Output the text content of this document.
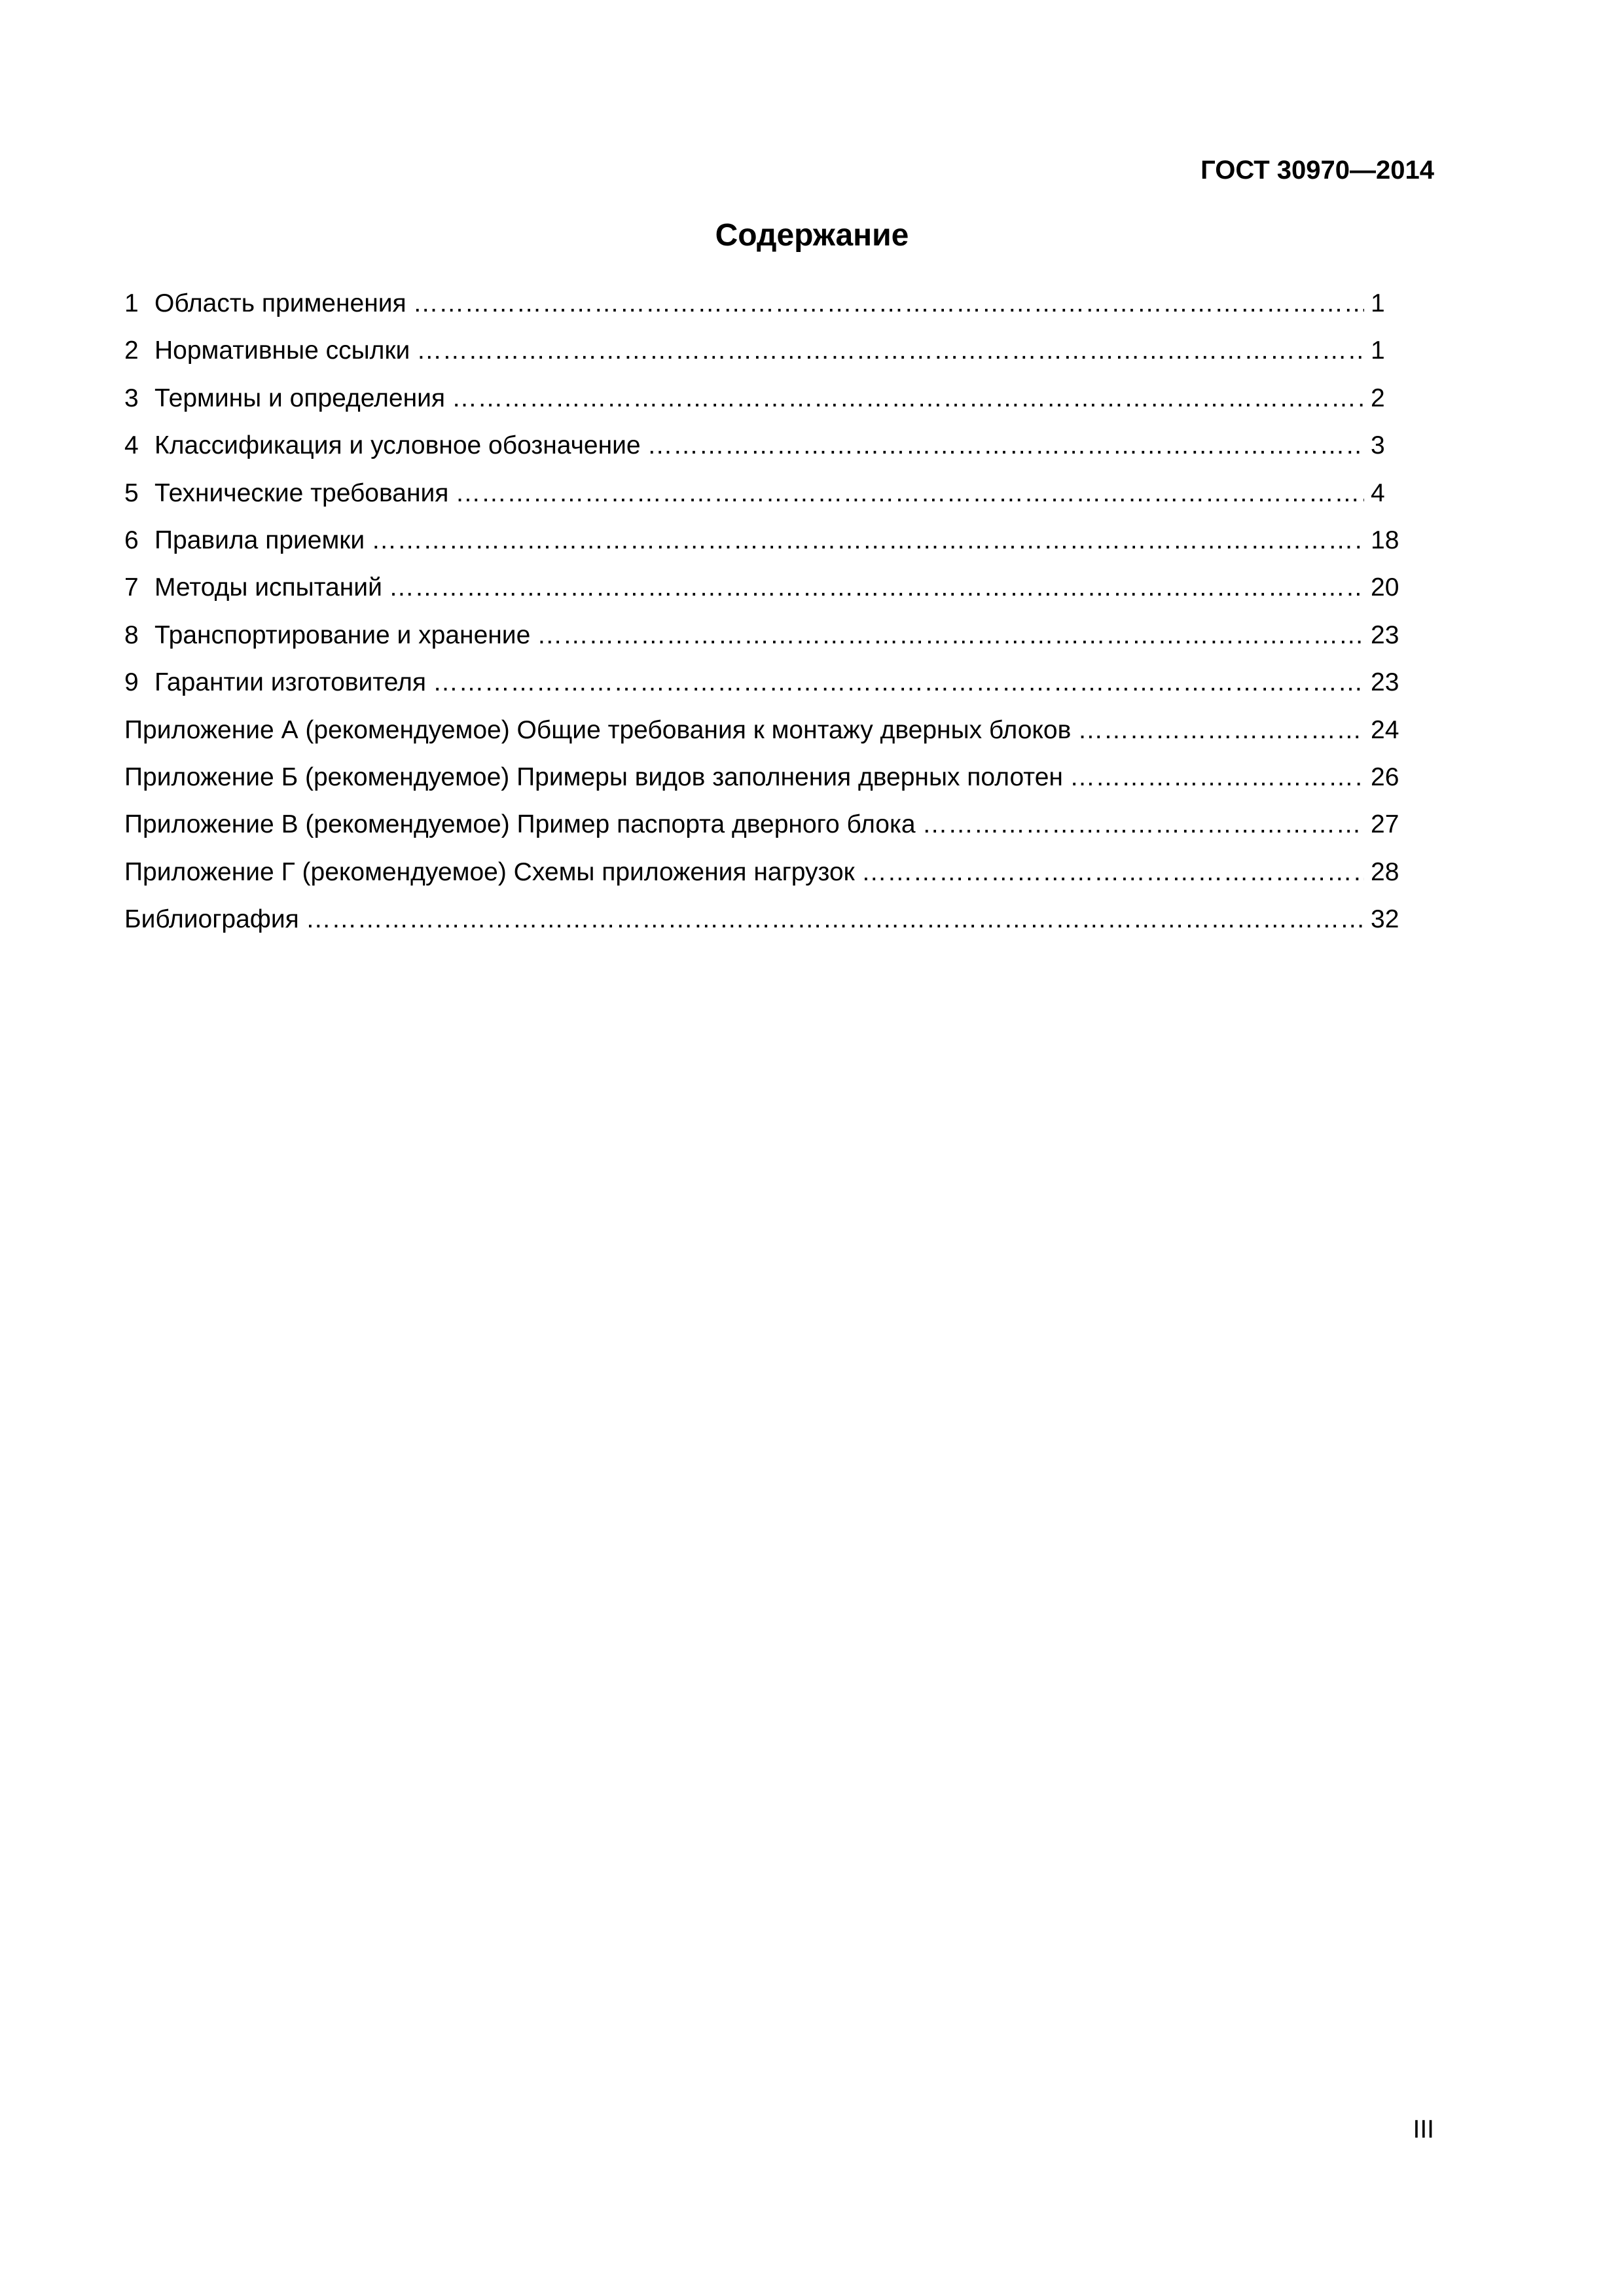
ГОСТ 30970—2014
Содержание
1 Область применения …………………………………………………………………………………………………………………………………………………………………………………………………………………………………	1
2 Нормативные ссылки …………………………………………………………………………………………………………………………………………………………………………………………………………………………………	1
3 Термины и определения …………………………………………………………………………………………………………………………………………………………………………………………………………………………………	2
4 Классификация и условное обозначение …………………………………………………………………………………………………………………………………………………………………………………………………………………………………	3
5 Технические требования …………………………………………………………………………………………………………………………………………………………………………………………………………………………………	4
6 Правила приемки …………………………………………………………………………………………………………………………………………………………………………………………………………………………………	18
7 Методы испытаний …………………………………………………………………………………………………………………………………………………………………………………………………………………………………	20
8 Транспортирование и хранение …………………………………………………………………………………………………………………………………………………………………………………………………………………………………	23
9 Гарантии изготовителя …………………………………………………………………………………………………………………………………………………………………………………………………………………………………	23
Приложение А (рекомендуемое) Общие требования к монтажу дверных блоков …………………………………………………………………………………………………………………………………………………………………………………………………………………………………	24
Приложение Б (рекомендуемое) Примеры видов заполнения дверных полотен …………………………………………………………………………………………………………………………………………………………………………………………………………………………………	26
Приложение В (рекомендуемое) Пример паспорта дверного блока …………………………………………………………………………………………………………………………………………………………………………………………………………………………………	27
Приложение Г (рекомендуемое) Схемы приложения нагрузок …………………………………………………………………………………………………………………………………………………………………………………………………………………………………	28
Библиография …………………………………………………………………………………………………………………………………………………………………………………………………………………………………	32
III
